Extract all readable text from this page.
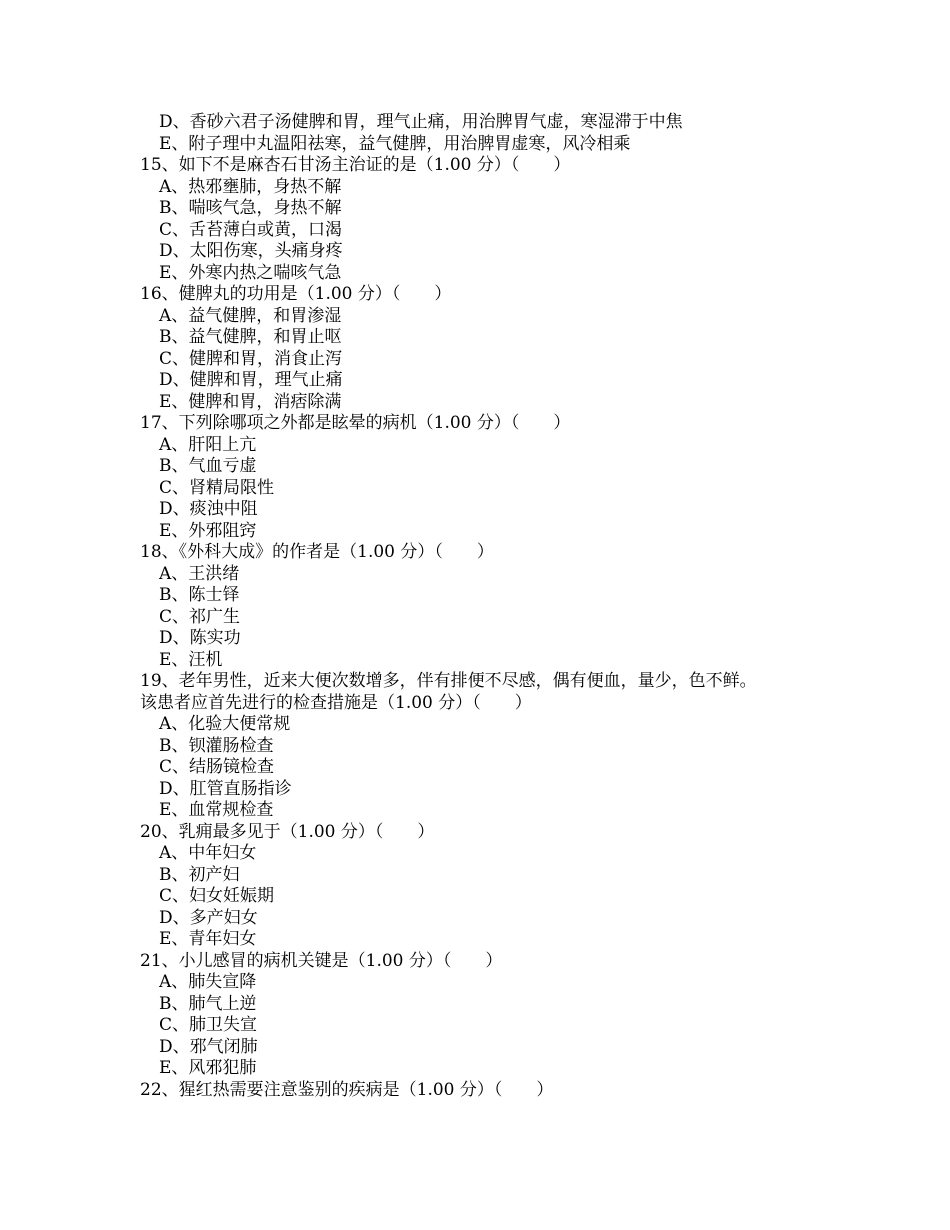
D、香砂六君子汤健脾和胃，理气止痛，用治脾胃气虚，寒湿滞于中焦
E、附子理中丸温阳祛寒，益气健脾，用治脾胃虚寒，风冷相乘
15、如下不是麻杏石甘汤主治证的是（1.00 分）（　　）
A、热邪壅肺，身热不解
B、喘咳气急，身热不解
C、舌苔薄白或黄，口渴
D、太阳伤寒，头痛身疼
E、外寒内热之喘咳气急
16、健脾丸的功用是（1.00 分）（　　）
A、益气健脾，和胃渗湿
B、益气健脾，和胃止呕
C、健脾和胃，消食止泻
D、健脾和胃，理气止痛
E、健脾和胃，消痞除满
17、下列除哪项之外都是眩晕的病机（1.00 分）（　　）
A、肝阳上亢
B、气血亏虚
C、肾精局限性
D、痰浊中阻
E、外邪阻窍
18、《外科大成》的作者是（1.00 分）（　　）
A、王洪绪
B、陈士铎
C、祁广生
D、陈实功
E、汪机
19、老年男性，近来大便次数增多，伴有排便不尽感，偶有便血，量少，色不鲜。
该患者应首先进行的检查措施是（1.00 分）（　　）
A、化验大便常规
B、钡灌肠检查
C、结肠镜检查
D、肛管直肠指诊
E、血常规检查
20、乳痈最多见于（1.00 分）（　　）
A、中年妇女
B、初产妇
C、妇女妊娠期
D、多产妇女
E、青年妇女
21、小儿感冒的病机关键是（1.00 分）（　　）
A、肺失宣降
B、肺气上逆
C、肺卫失宣
D、邪气闭肺
E、风邪犯肺
22、猩红热需要注意鉴别的疾病是（1.00 分）（　　）
